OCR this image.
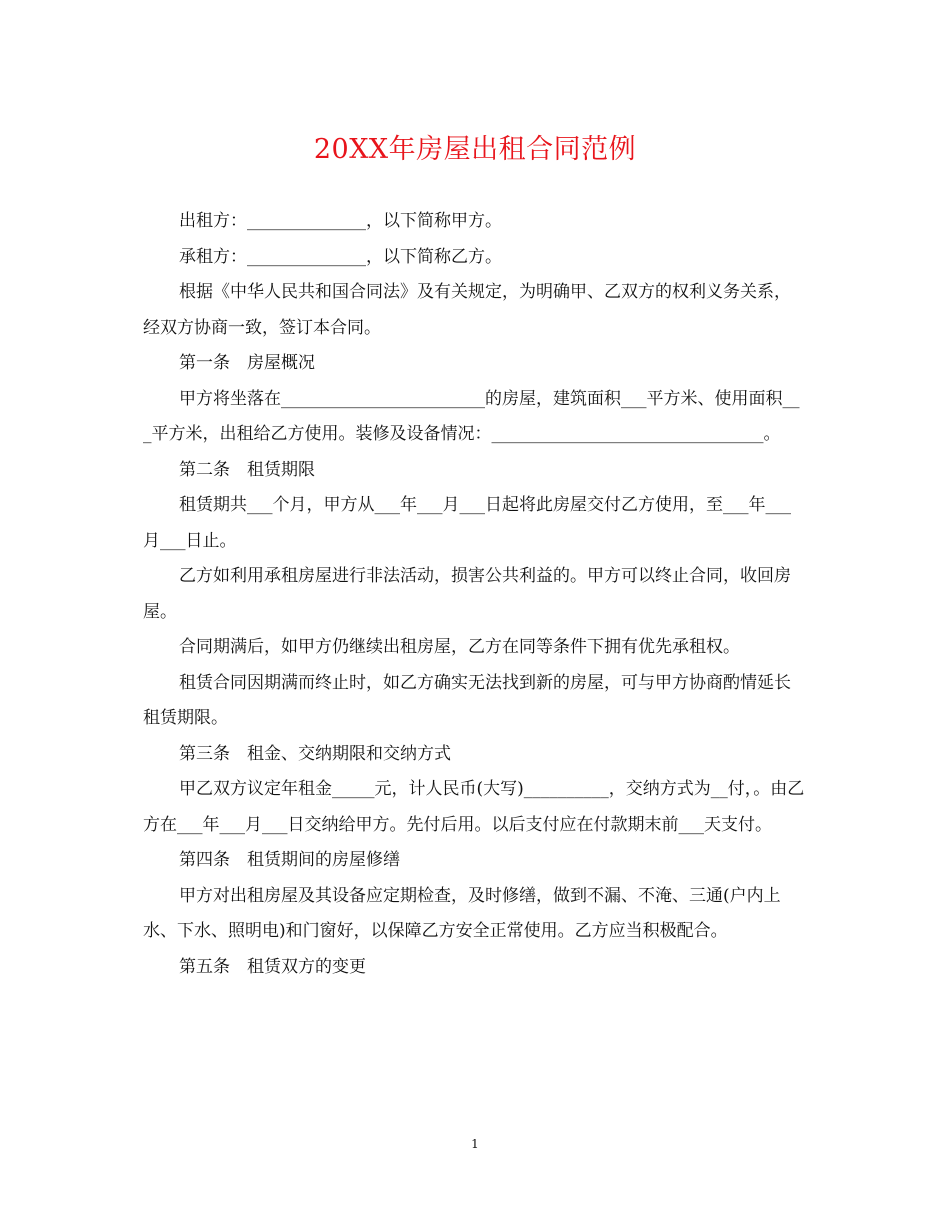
20XX年房屋出租合同范例

出租方：______________，以下简称甲方。

承租方：______________，以下简称乙方。

根据《中华人民共和国合同法》及有关规定，为明确甲、乙双方的权利义务关系，经双方协商一致，签订本合同。

第一条　房屋概况

甲方将坐落在________________________的房屋，建筑面积___平方米、使用面积___平方米，出租给乙方使用。装修及设备情况：________________________________。

第二条　租赁期限

租赁期共___个月，甲方从___年___月___日起将此房屋交付乙方使用，至___年___月___日止。

乙方如利用承租房屋进行非法活动，损害公共利益的。甲方可以终止合同，收回房屋。

合同期满后，如甲方仍继续出租房屋，乙方在同等条件下拥有优先承租权。

租赁合同因期满而终止时，如乙方确实无法找到新的房屋，可与甲方协商酌情延长租赁期限。

第三条　租金、交纳期限和交纳方式

甲乙双方议定年租金_____元，计人民币(大写)__________，交纳方式为__付，。由乙方在___年___月___日交纳给甲方。先付后用。以后支付应在付款期末前___天支付。

第四条　租赁期间的房屋修缮

甲方对出租房屋及其设备应定期检查，及时修缮，做到不漏、不淹、三通(户内上水、下水、照明电)和门窗好，以保障乙方安全正常使用。乙方应当积极配合。

第五条　租赁双方的变更

1
